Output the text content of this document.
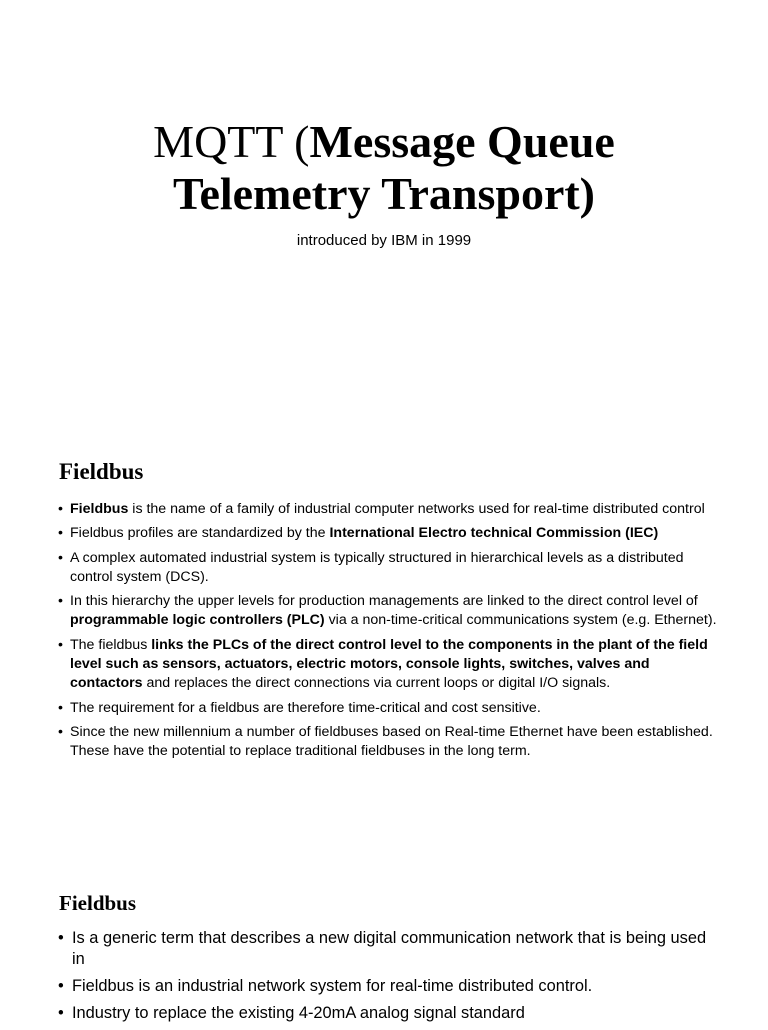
MQTT (Message Queue
Telemetry Transport)
introduced by IBM in 1999
Fieldbus
• Fieldbus is the name of a family of industrial computer networks used for real-time distributed control
• Fieldbus profiles are standardized by the International Electro technical Commission (IEC)
• A complex automated industrial system is typically structured in hierarchical levels as a distributed control system (DCS).
• In this hierarchy the upper levels for production managements are linked to the direct control level of programmable logic controllers (PLC) via a non-time-critical communications system (e.g. Ethernet).
• The fieldbus links the PLCs of the direct control level to the components in the plant of the field level such as sensors, actuators, electric motors, console lights, switches, valves and contactors and replaces the direct connections via current loops or digital I/O signals.
• The requirement for a fieldbus are therefore time-critical and cost sensitive.
• Since the new millennium a number of fieldbuses based on Real-time Ethernet have been established. These have the potential to replace traditional fieldbuses in the long term.
Fieldbus
• Is a generic term that describes a new digital communication network that is being used in
• Fieldbus is an industrial network system for real-time distributed control.
• Industry to replace the existing 4-20mA analog signal standard
